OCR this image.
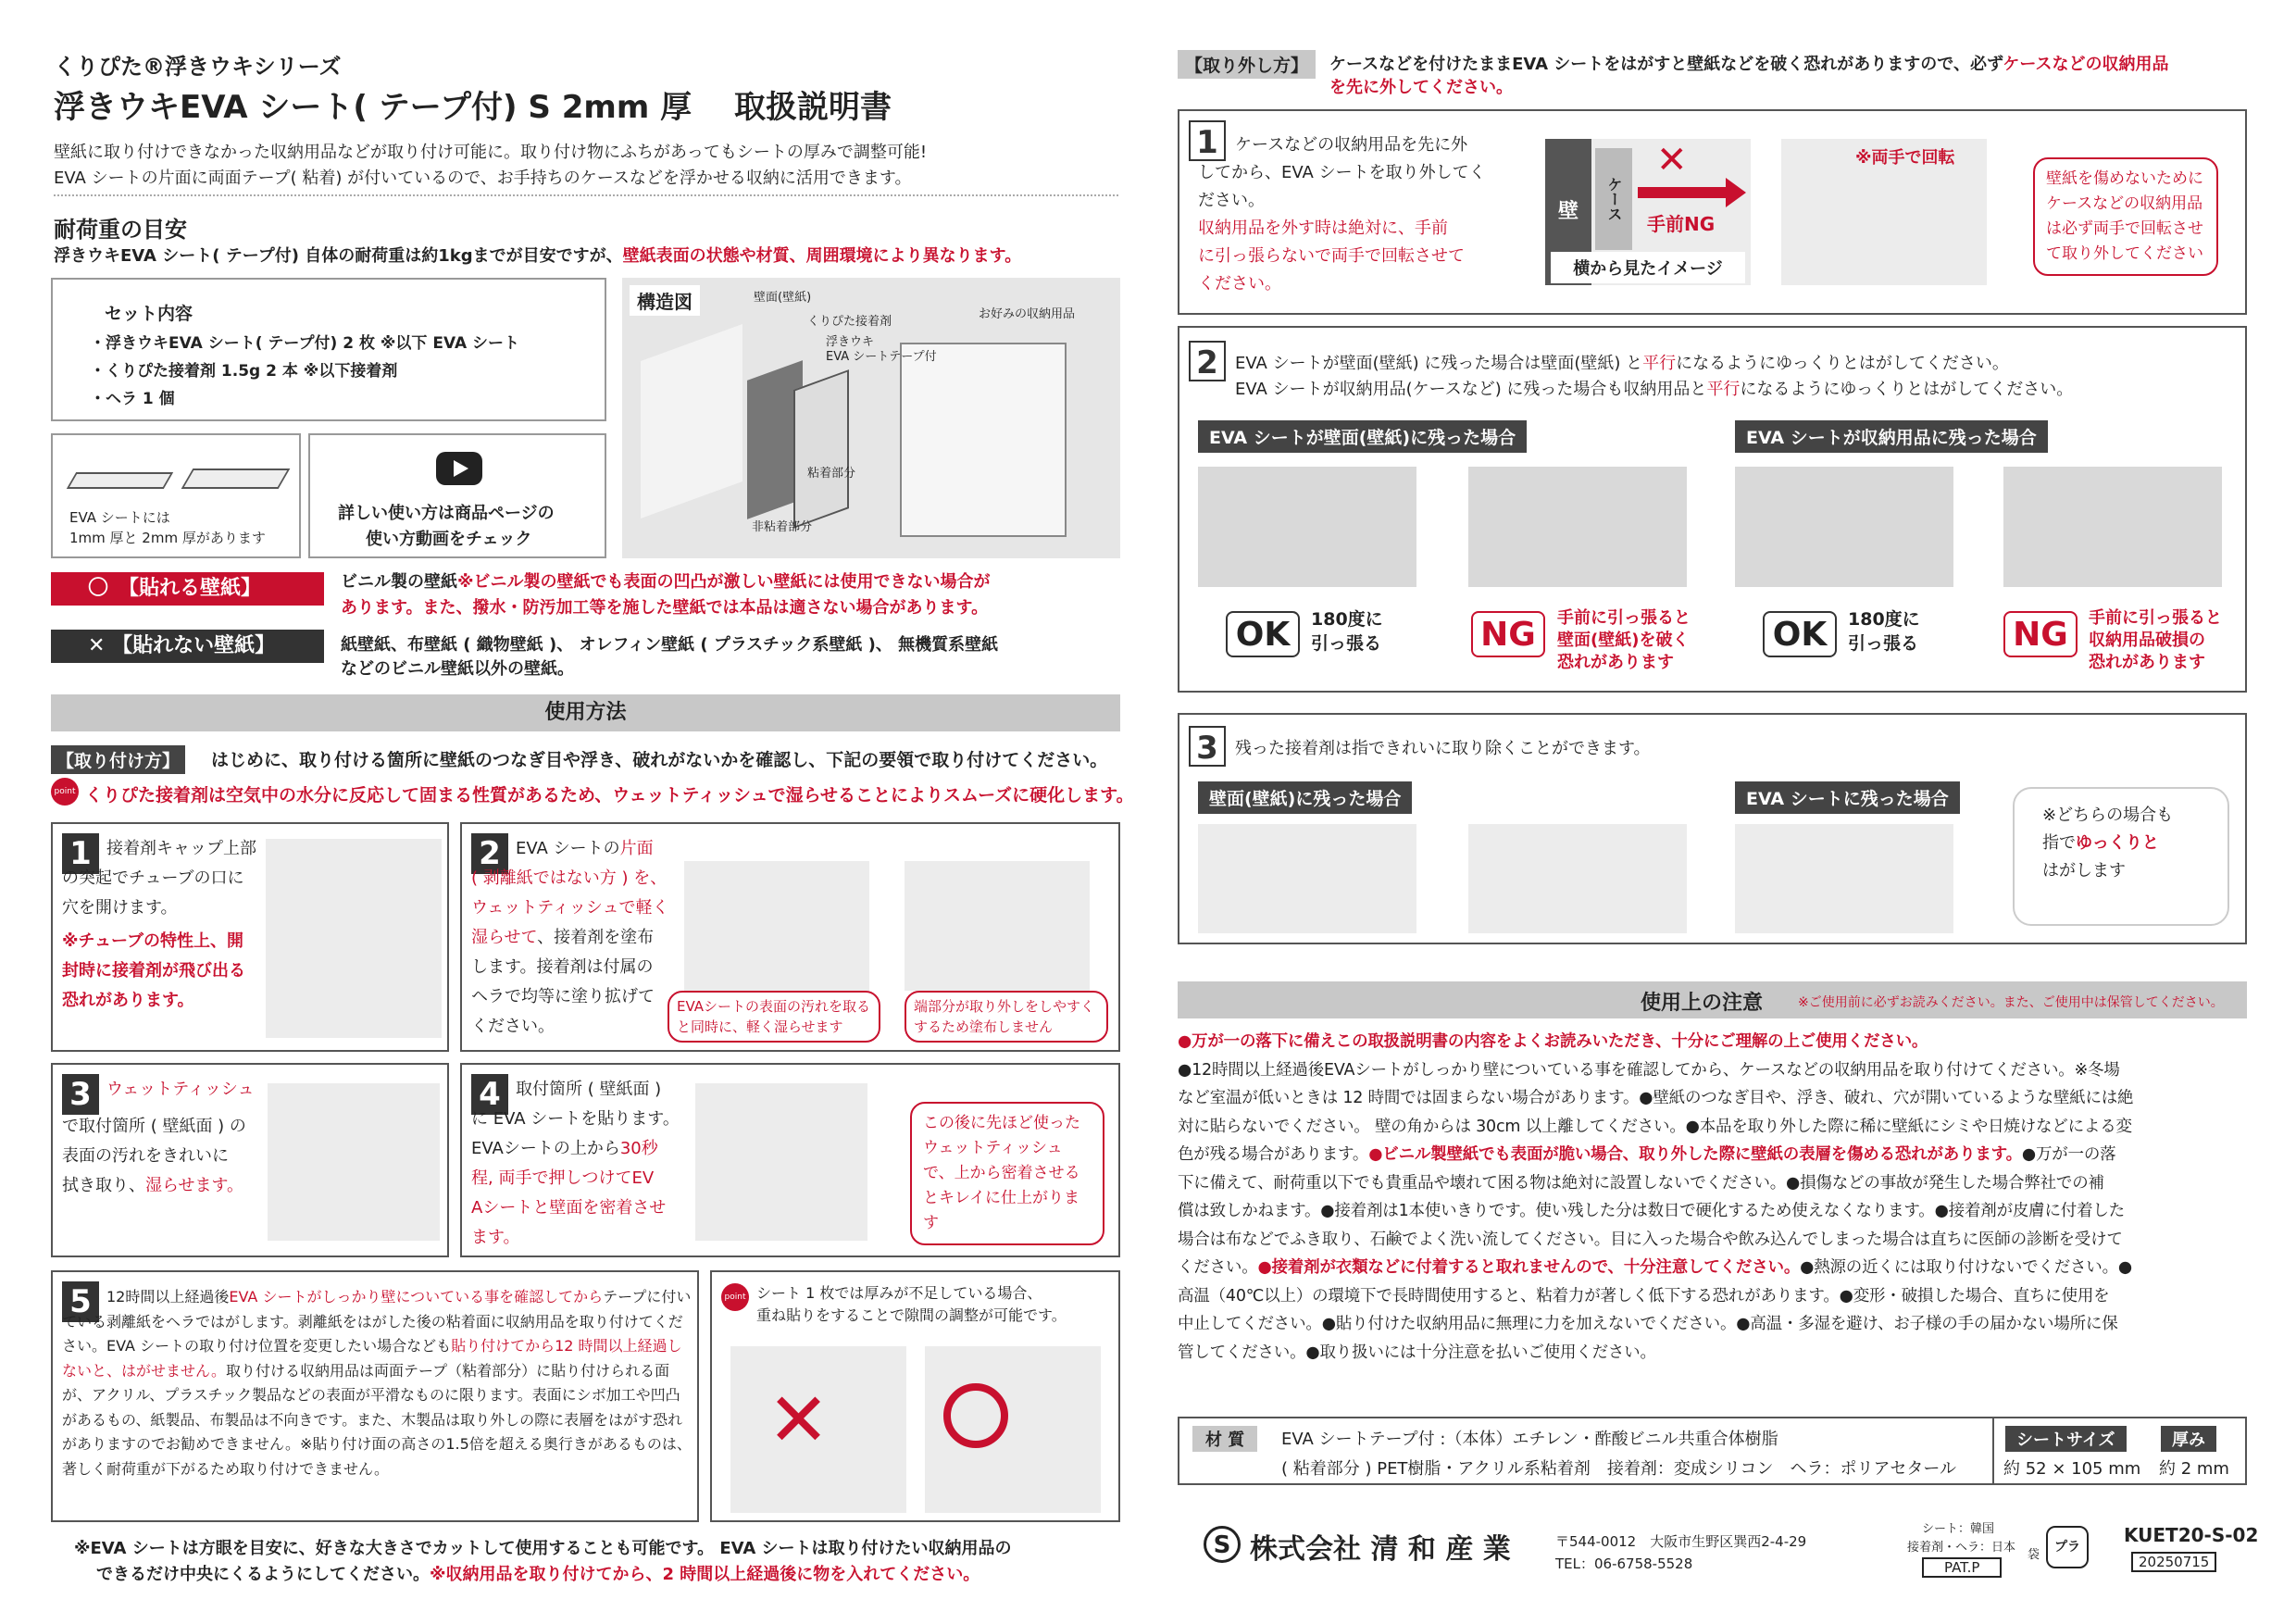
くりぴた®浮きウキシリーズ
浮きウキEVA シート( テープ付) S 2mm 厚　 取扱説明書
壁紙に取り付けできなかった収納用品などが取り付け可能に。取り付け物にふちがあってもシートの厚みで調整可能!
EVA シートの片面に両面テープ( 粘着) が付いているので、お手持ちのケースなどを浮かせる収納に活用できます。
耐荷重の目安
浮きウキEVA シート( テープ付) 自体の耐荷重は約1kgまでが目安ですが、壁紙表面の状態や材質、周囲環境により異なります。
セット内容
・浮きウキEVA シート( テープ付) 2 枚 ※以下 EVA シート
・くりぴた接着剤 1.5g 2 本 ※以下接着剤
・ヘラ 1 個
EVA シートには
1mm 厚と 2mm 厚があります
詳しい使い方は商品ページの
使い方動画をチェック
構造図	壁面(壁紙)
くりぴた接着剤
浮きウキ
EVA シートテープ付
お好みの収納用品
粘着部分
非粘着部分
〇　【貼れる壁紙】	ビニル製の壁紙※ビニル製の壁紙でも表面の凹凸が激しい壁紙には使用できない場合が
あります。また、撥水・防汚加工等を施した壁紙では本品は適さない場合があります。
✕ 【貼れない壁紙】	紙壁紙、布壁紙 ( 織物壁紙 )、 オレフィン壁紙 ( プラスチック系壁紙 )、 無機質系壁紙
などのビニル壁紙以外の壁紙。
使用方法
【取り付け方】	はじめに、取り付ける箇所に壁紙のつなぎ目や浮き、破れがないかを確認し、下記の要領で取り付けてください。
point くりぴた接着剤は空気中の水分に反応して固まる性質があるため、ウェットティッシュで湿らせることによりスムーズに硬化します。
1 接着剤キャップ上部
の突起でチューブの口に
穴を開けます。
※チューブの特性上、開
封時に接着剤が飛び出る
恐れがあります。
2 EVA シートの片面
( 剥離紙ではない方 ) を、
ウェットティッシュで軽く
湿らせて、接着剤を塗布
します。接着剤は付属の
ヘラで均等に塗り拡げて
ください。
EVAシートの表面の汚れを取ると同時に、軽く湿らせます
端部分が取り外しをしやすくするため塗布しません
3 ウェットティッシュ
で取付箇所 ( 壁紙面 ) の
表面の汚れをきれいに
拭き取り、湿らせます。
4 取付箇所 ( 壁紙面 )
に EVA シートを貼ります。
EVAシートの上から30秒
程, 両手で押しつけてEV
Aシートと壁面を密着させ
ます。
この後に先ほど使ったウェットティッシュで、上から密着させるとキレイに仕上がります
5	12時間以上経過後EVA シートがしっかり壁についている事を確認してからテープに付いている剥離紙をヘラではがします。剥離紙をはがした後の粘着面に収納用品を取り付けてください。EVA シートの取り付け位置を変更したい場合なども貼り付けてから12 時間以上経過しないと、はがせません。取り付ける収納用品は両面テープ（粘着部分）に貼り付けられる面が、アクリル、プラスチック製品などの表面が平滑なものに限ります。表面にシボ加工や凹凸があるもの、紙製品、布製品は不向きです。また、木製品は取り外しの際に表層をはがす恐れがありますのでお勧めできません。※貼り付け面の高さの1.5倍を超える奥行きがあるものは、著しく耐荷重が下がるため取り付けできません。
point シート 1 枚では厚みが不足している場合、
重ね貼りをすることで隙間の調整が可能です。
✕
※EVA シートは方眼を目安に、好きな大きさでカットして使用することも可能です。 EVA シートは取り付けたい収納用品の
できるだけ中央にくるようにしてください。※収納用品を取り付けてから、2 時間以上経過後に物を入れてください。
【取り外し方】	ケースなどを付けたままEVA シートをはがすと壁紙などを破く恐れがありますので、必ずケースなどの収納用品
を先に外してください。
1	ケースなどの収納用品を先に外
してから、EVA シートを取り外してく
ださい。
収納用品を外す時は絶対に、手前
に引っ張らないで両手で回転させて
ください。
壁	ケース
✕
手前NG
横から見たイメージ
※両手で回転
壁紙を傷めないためにケースなどの収納用品は必ず両手で回転させて取り外してください
2	EVA シートが壁面(壁紙) に残った場合は壁面(壁紙) と平行になるようにゆっくりとはがしてください。
EVA シートが収納用品(ケースなど) に残った場合も収納用品と平行になるようにゆっくりとはがしてください。
EVA シートが壁面(壁紙)に残った場合	EVA シートが収納用品に残った場合
OK	180度に
引っ張る	NG	手前に引っ張ると
壁面(壁紙)を破く
恐れがあります
OK	180度に
引っ張る	NG	手前に引っ張ると
収納用品破損の
恐れがあります
3	残った接着剤は指できれいに取り除くことができます。
壁面(壁紙)に残った場合	EVA シートに残った場合
※どちらの場合も
指でゆっくりと
はがします
使用上の注意	※ご使用前に必ずお読みください。また、ご使用中は保管してください。
●万が一の落下に備えこの取扱説明書の内容をよくお読みいただき、十分にご理解の上ご使用ください。
●12時間以上経過後EVAシートがしっかり壁についている事を確認してから、ケースなどの収納用品を取り付けてください。※冬場
など室温が低いときは 12 時間では固まらない場合があります。●壁紙のつなぎ目や、浮き、破れ、穴が開いているような壁紙には絶
対に貼らないでください。 壁の角からは 30cm 以上離してください。●本品を取り外した際に稀に壁紙にシミや日焼けなどによる変
色が残る場合があります。●ビニル製壁紙でも表面が脆い場合、取り外した際に壁紙の表層を傷める恐れがあります。●万が一の落
下に備えて、耐荷重以下でも貴重品や壊れて困る物は絶対に設置しないでください。●損傷などの事故が発生した場合弊社での補
償は致しかねます。●接着剤は1本使いきりです。使い残した分は数日で硬化するため使えなくなります。●接着剤が皮膚に付着した
場合は布などでふき取り、石鹸でよく洗い流してください。目に入った場合や飲み込んでしまった場合は直ちに医師の診断を受けて
ください。●接着剤が衣類などに付着すると取れませんので、十分注意してください。●熱源の近くには取り付けないでください。●
高温（40℃以上）の環境下で長時間使用すると、粘着力が著しく低下する恐れがあります。●変形・破損した場合、直ちに使用を
中止してください。●貼り付けた収納用品に無理に力を加えないでください。●高温・多湿を避け、お子様の手の届かない場所に保
管してください。●取り扱いには十分注意を払いご使用ください。
材 質	EVA シートテープ付 :（本体）エチレン・酢酸ビニル共重合体樹脂
( 粘着部分 ) PET樹脂・アクリル系粘着剤　接着剤：変成シリコン　ヘラ：ポリアセタール
シートサイズ	厚み
約 52 × 105 mm 約 2 mm
S 株式会社 清 和 産 業	〒544-0012　大阪市生野区巽西2-4-29
TEL：06-6758-5528
シート：韓国
接着剤・ヘラ：日本
袋
プラ
PAT.P
KUET20-S-02
20250715
